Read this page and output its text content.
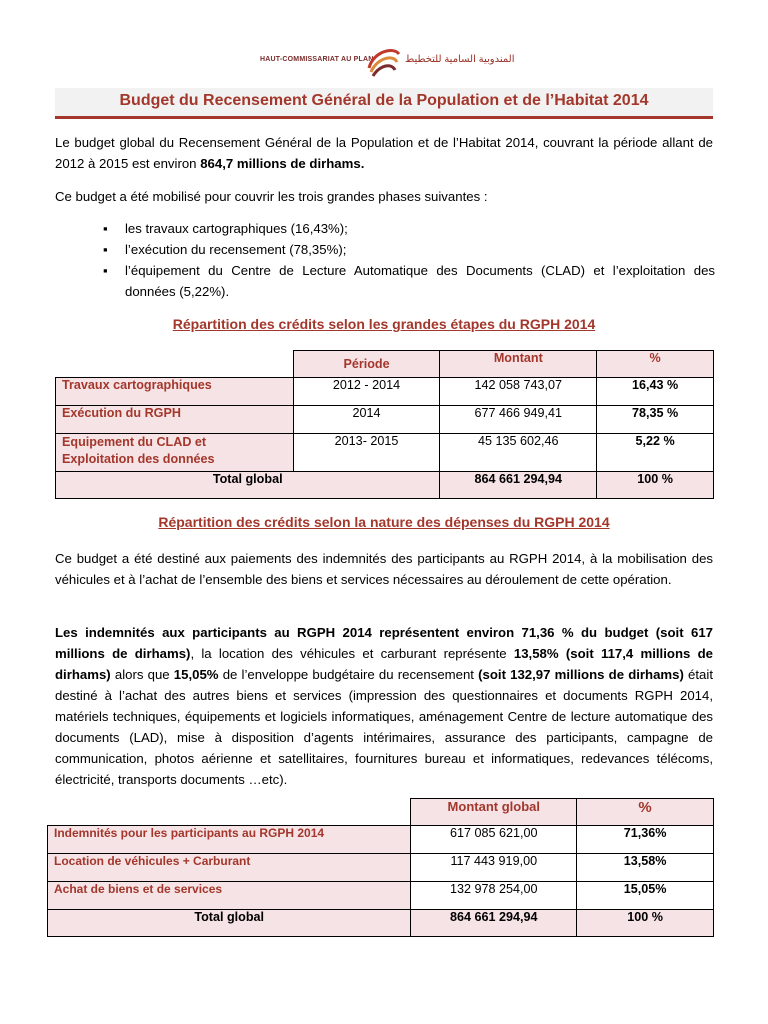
HAUT-COMMISSARIAT AU PLAN	المندوبية السامية للتخطيط
Budget du Recensement Général de la Population et de l’Habitat 2014

Le budget global du Recensement Général de la Population et de l’Habitat 2014, couvrant la période allant de 2012 à 2015 est environ 864,7 millions de dirhams.

Ce budget a été mobilisé pour couvrir les trois grandes phases suivantes :

▪ les travaux cartographiques (16,43%);
▪ l’exécution du recensement (78,35%);
▪ l’équipement du Centre de Lecture Automatique des Documents (CLAD) et l’exploitation des données (5,22%).
Répartition des crédits selon les grandes étapes du RGPH 2014
	Période	Montant	%
Travaux cartographiques	2012 - 2014	142 058 743,07	16,43 %
Exécution du RGPH	2014	677 466 949,41	78,35 %

Equipement du CLAD et
Exploitation des données	2013- 2015	45 135 602,46	5,22 %
Total global		864 661 294,94	100 %
Répartition des crédits selon la nature des dépenses du RGPH 2014

Ce budget a été destiné aux paiements des indemnités des participants au RGPH 2014, à la mobilisation des véhicules et à l’achat de l’ensemble des biens et services nécessaires au déroulement de cette opération.

Les indemnités aux participants au RGPH 2014 représentent environ 71,36 % du budget (soit 617 millions de dirhams), la location des véhicules et carburant représente 13,58% (soit 117,4 millions de dirhams) alors que 15,05% de l’enveloppe budgétaire du recensement (soit 132,97 millions de dirhams) était destiné à l’achat des autres biens et services (impression des questionnaires et documents RGPH 2014, matériels techniques, équipements et logiciels informatiques, aménagement Centre de lecture automatique des documents (LAD), mise à disposition d’agents intérimaires, assurance des participants, campagne de communication, photos aérienne et satellitaires, fournitures bureau et informatiques, redevances télécoms, électricité, transports documents …etc).

	Montant global	%
Indemnités pour les participants au RGPH 2014	617 085 621,00	71,36%
Location de véhicules + Carburant	117 443 919,00	13,58%
Achat de biens et de services	132 978 254,00	15,05%
Total global	864 661 294,94	100 %
